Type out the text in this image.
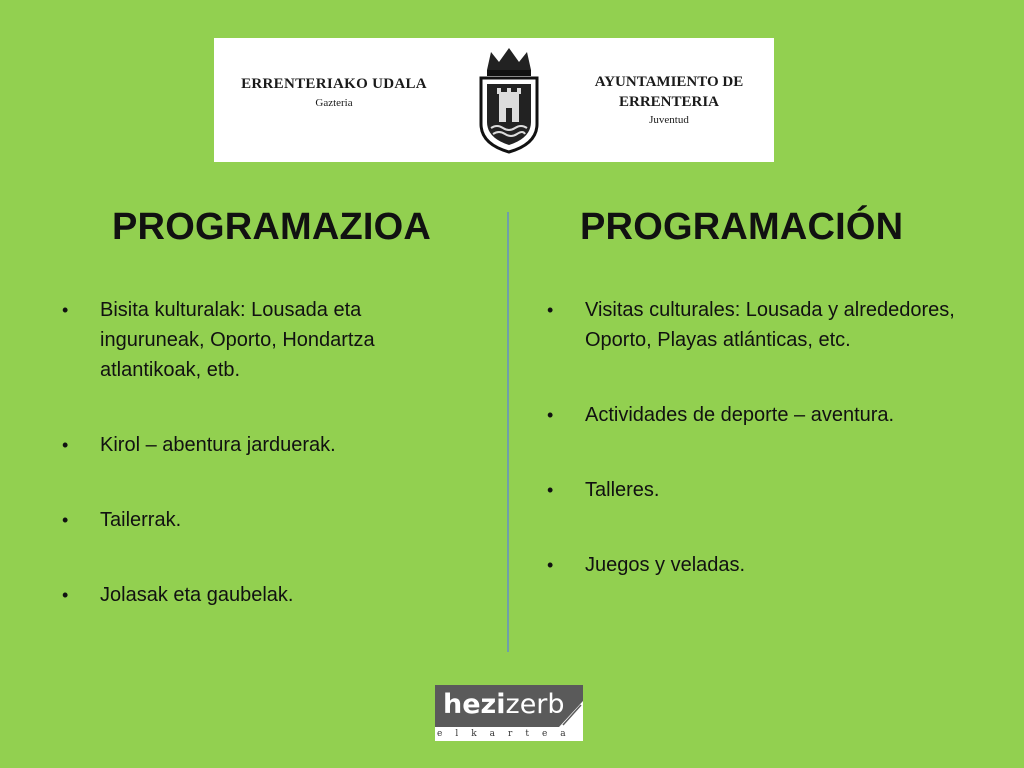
ERRENTERIAKO UDALA
Gazteria
AYUNTAMIENTO DE
ERRENTERIA
Juventud
PROGRAMAZIOA	PROGRAMACIÓN
• Bisita kulturalak: Lousada eta inguruneak, Oporto, Hondartza atlantikoak, etb.
• Kirol – abentura jarduerak.
• Tailerrak.
• Jolasak eta gaubelak.
• Visitas culturales: Lousada y alrededores, Oporto, Playas atlánticas, etc.
• Actividades de deporte – aventura.
• Talleres.
• Juegos y veladas.
hezizerb
elkartea
